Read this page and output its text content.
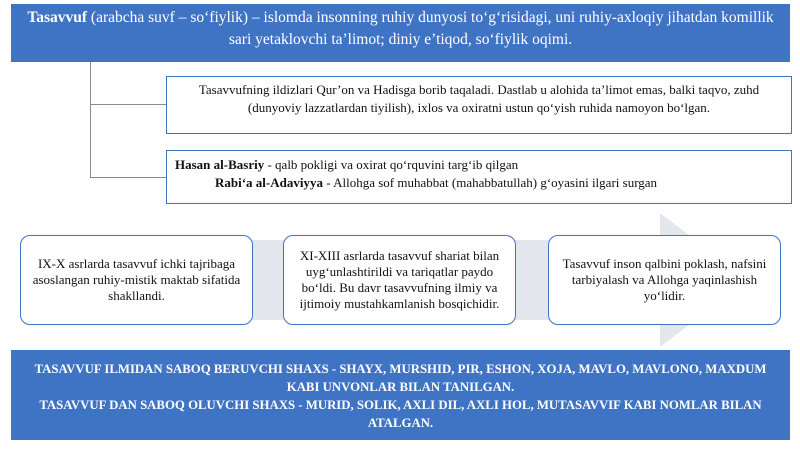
Tasavvuf (arabcha suvf – so‘fiylik) – islomda insonning ruhiy dunyosi to‘g‘risidagi, uni ruhiy-axloqiy jihatdan komillik sari yetaklovchi ta’limot; diniy e’tiqod, so‘fiylik oqimi.
Tasavvufning ildizlari Qur’on va Hadisga borib taqaladi. Dastlab u alohida ta’limot emas, balki taqvo, zuhd (dunyoviy lazzatlardan tiyilish), ixlos va oxiratni ustun qo‘yish ruhida namoyon bo‘lgan.
Hasan al-Basriy - qalb pokligi va oxirat qo‘rquvini targ‘ib qilgan
Rabi‘a al-Adaviyya - Allohga sof muhabbat (mahabbatullah) g‘oyasini ilgari surgan
IX-X asrlarda tasavvuf ichki tajribaga asoslangan ruhiy-mistik maktab sifatida shakllandi.
XI-XIII asrlarda tasavvuf shariat bilan uyg‘unlashtirildi va tariqatlar paydo bo‘ldi. Bu davr tasavvufning ilmiy va ijtimoiy mustahkamlanish bosqichidir.
Tasavvuf inson qalbini poklash, nafsini tarbiyalash va Allohga yaqinlashish yo‘lidir.
TASAVVUF ILMIDAN SABOQ BERUVCHI SHAXS - SHAYX, MURSHID, PIR, ESHON, XOJA, MAVLO, MAVLONO, MAXDUM KABI UNVONLAR BILAN TANILGAN.
TASAVVUF DAN SABOQ OLUVCHI SHAXS - MURID, SOLIK, AXLI DIL, AXLI HOL, MUTASAVVIF KABI NOMLAR BILAN ATALGAN.
